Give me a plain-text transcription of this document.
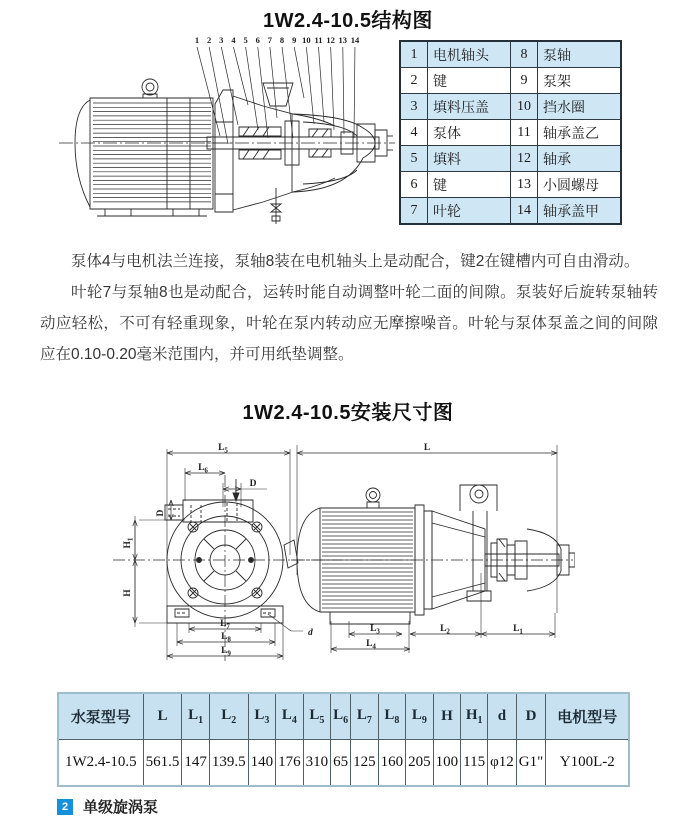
1W2.4-10.5结构图
1W2.4-10.5安装尺寸图
1 2 3 4 5 6 7 8 9 10 11 12 13 14
1	电机轴头	8	泵轴
2	键	9	泵架
3	填料压盖	10	挡水圈
4	泵体	11	轴承盖乙
5	填料	12	轴承
6	键	13	小圆螺母
7	叶轮	14	轴承盖甲

泵体4与电机法兰连接，泵轴8装在电机轴头上是动配合，键2在键槽内可自由滑动。

叶轮7与泵轴8也是动配合，运转时能自动调整叶轮二面的间隙。泵装好后旋转泵轴转动应轻松，不可有轻重现象，叶轮在泵内转动应无摩擦噪音。叶轮与泵体泵盖之间的间隙应在0.10-0.20毫米范围内，并可用纸垫调整。

$L_5$
$L_6$
D
D
$H_1$
H
$L_7$
$L_8$
$L_9$
d
L
$L_3$
$L_4$
$L_2$	$L_1$
水泵型号	L	$L_1$	$L_2$	$L_3$	$L_4$	$L_5$	$L_6$	$L_7$	$L_8$	$L_9$	H	$H_1$	d	D	电机型号
1W2.4-10.5	561.5	147	139.5	140	176	310	65	125	160	205	100	115	φ12	G1"	Y100L-2
2 单级旋涡泵
